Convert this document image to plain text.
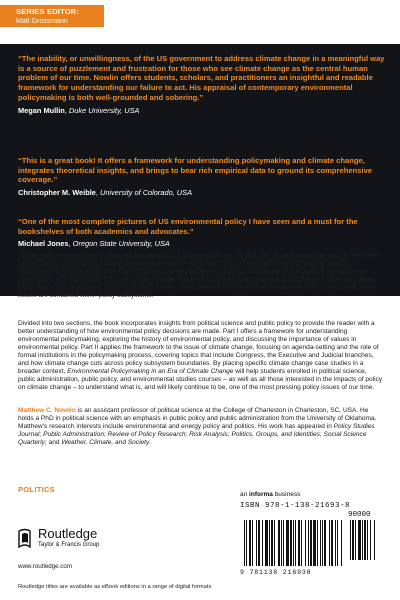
SERIES EDITOR:
Matt Grossmann
“The inability, or unwillingness, of the US government to address climate change in a meaningful way is a source of puzzlement and frustration for those who see climate change as the central human problem of our time. Nowlin offers students, scholars, and practitioners an insightful and readable framework for understanding our failure to act. His appraisal of contemporary environmental policymaking is both well-grounded and sobering.”
Megan Mullin, Duke University, USA
“This is a great book! It offers a framework for understanding policymaking and climate change, integrates theoretical insights, and brings to bear rich empirical data to ground its comprehensive coverage.”
Christopher M. Weible, University of Colorado, USA
“One of the most complete pictures of US environmental policy I have seen and a must for the bookshelves of both academics and advocates.”
Michael Jones, Oregon State University, USA
As the world considers how to deal with the impacts of a changing climate, it's vital that we understand the ways in which the United States' policymaking process addresses environmental issues. A mix of existing theory and original analysis, Environmental Policymaking in an Era of Climate Change applies recent policy scholarship to questions of environmental governance, with a particular focus on climate change. The book examines how competing political actors influence policies within and across institutions, focusing on both a macro-level, where formal bodies set the agenda, and a meso-level, where issues are contained within policy subsystems.
Divided into two sections, the book incorporates insights from political science and public policy to provide the reader with a better understanding of how environmental policy decisions are made. Part I offers a framework for understanding environmental policymaking, exploring the history of environmental policy, and discussing the importance of values in environmental policy. Part II applies the framework to the issue of climate change, focusing on agenda-setting and the role of formal institutions in the policymaking process, covering topics that include Congress, the Executive and Judicial branches, and how climate change cuts across policy subsystem boundaries. By placing specific climate change case studies in a broader context, Environmental Policymaking in an Era of Climate Change will help students enrolled in political science, public administration, public policy, and environmental studies courses – as well as all those interested in the impacts of policy on climate change – to understand what is, and will likely continue to be, one of the most pressing policy issues of our time.
Matthew C. Nowlin is an assistant professor of political science at the College of Charleston in Charleston, SC, USA. He holds a PhD in political science with an emphasis in public policy and public administration from the University of Oklahoma. Matthew's research interests include environmental and energy policy and politics. His work has appeared in Policy Studies Journal; Public Administration; Review of Policy Research; Risk Analysis; Politics, Groups, and Identities; Social Science Quarterly; and Weather, Climate, and Society.
POLITICS
Routledge
Taylor & Francis Group
www.routledge.com
Routledge titles are available as eBook editions in a range of digital formats
an informa business
ISBN 978-1-138-21693-8
90000
9 781138 216938
